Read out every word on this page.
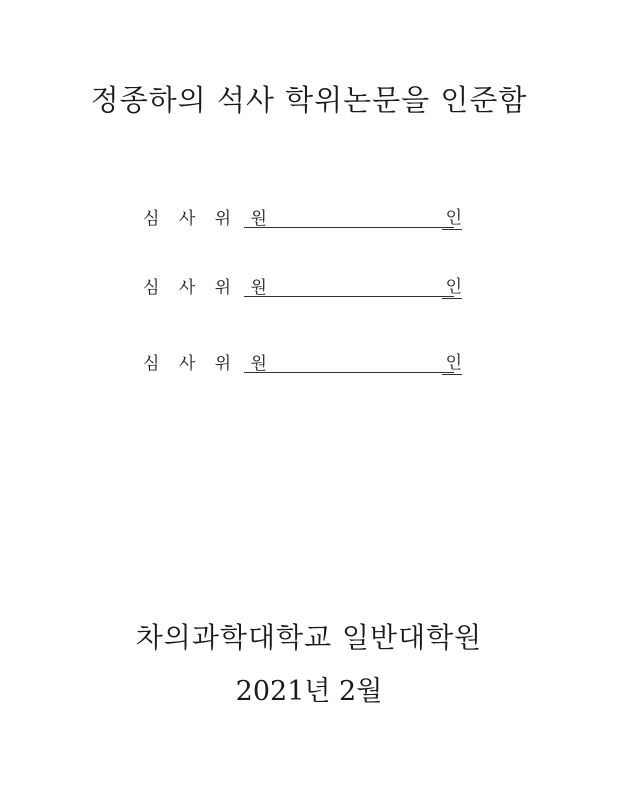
정종하의 석사 학위논문을 인준함
심 사 위 원	인
심 사 위 원	인
심 사 위 원	인
차의과학대학교 일반대학원
2021년 2월
